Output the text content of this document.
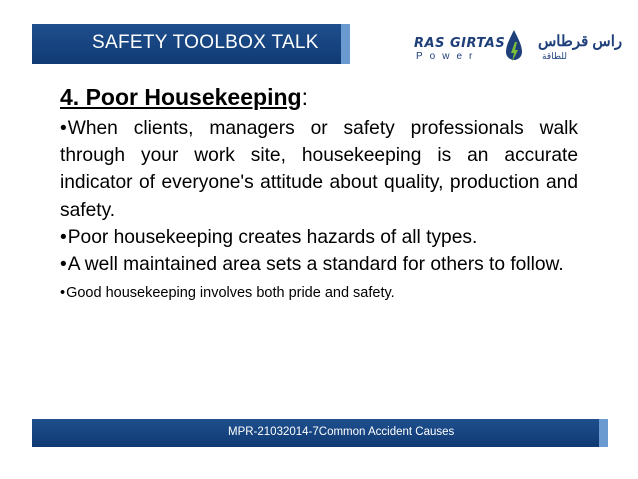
SAFETY TOOLBOX TALK	RAS GIRTAS
Power
راس قرطاس
للطاقة
4. Poor Housekeeping:

•When clients, managers or safety professionals walk through your work site, housekeeping is an accurate indicator of everyone's attitude about quality, production and safety.

•Poor housekeeping creates hazards of all types.

•A well maintained area sets a standard for others to follow.

•Good housekeeping involves both pride and safety.

MPR-21032014-7Common Accident Causes
